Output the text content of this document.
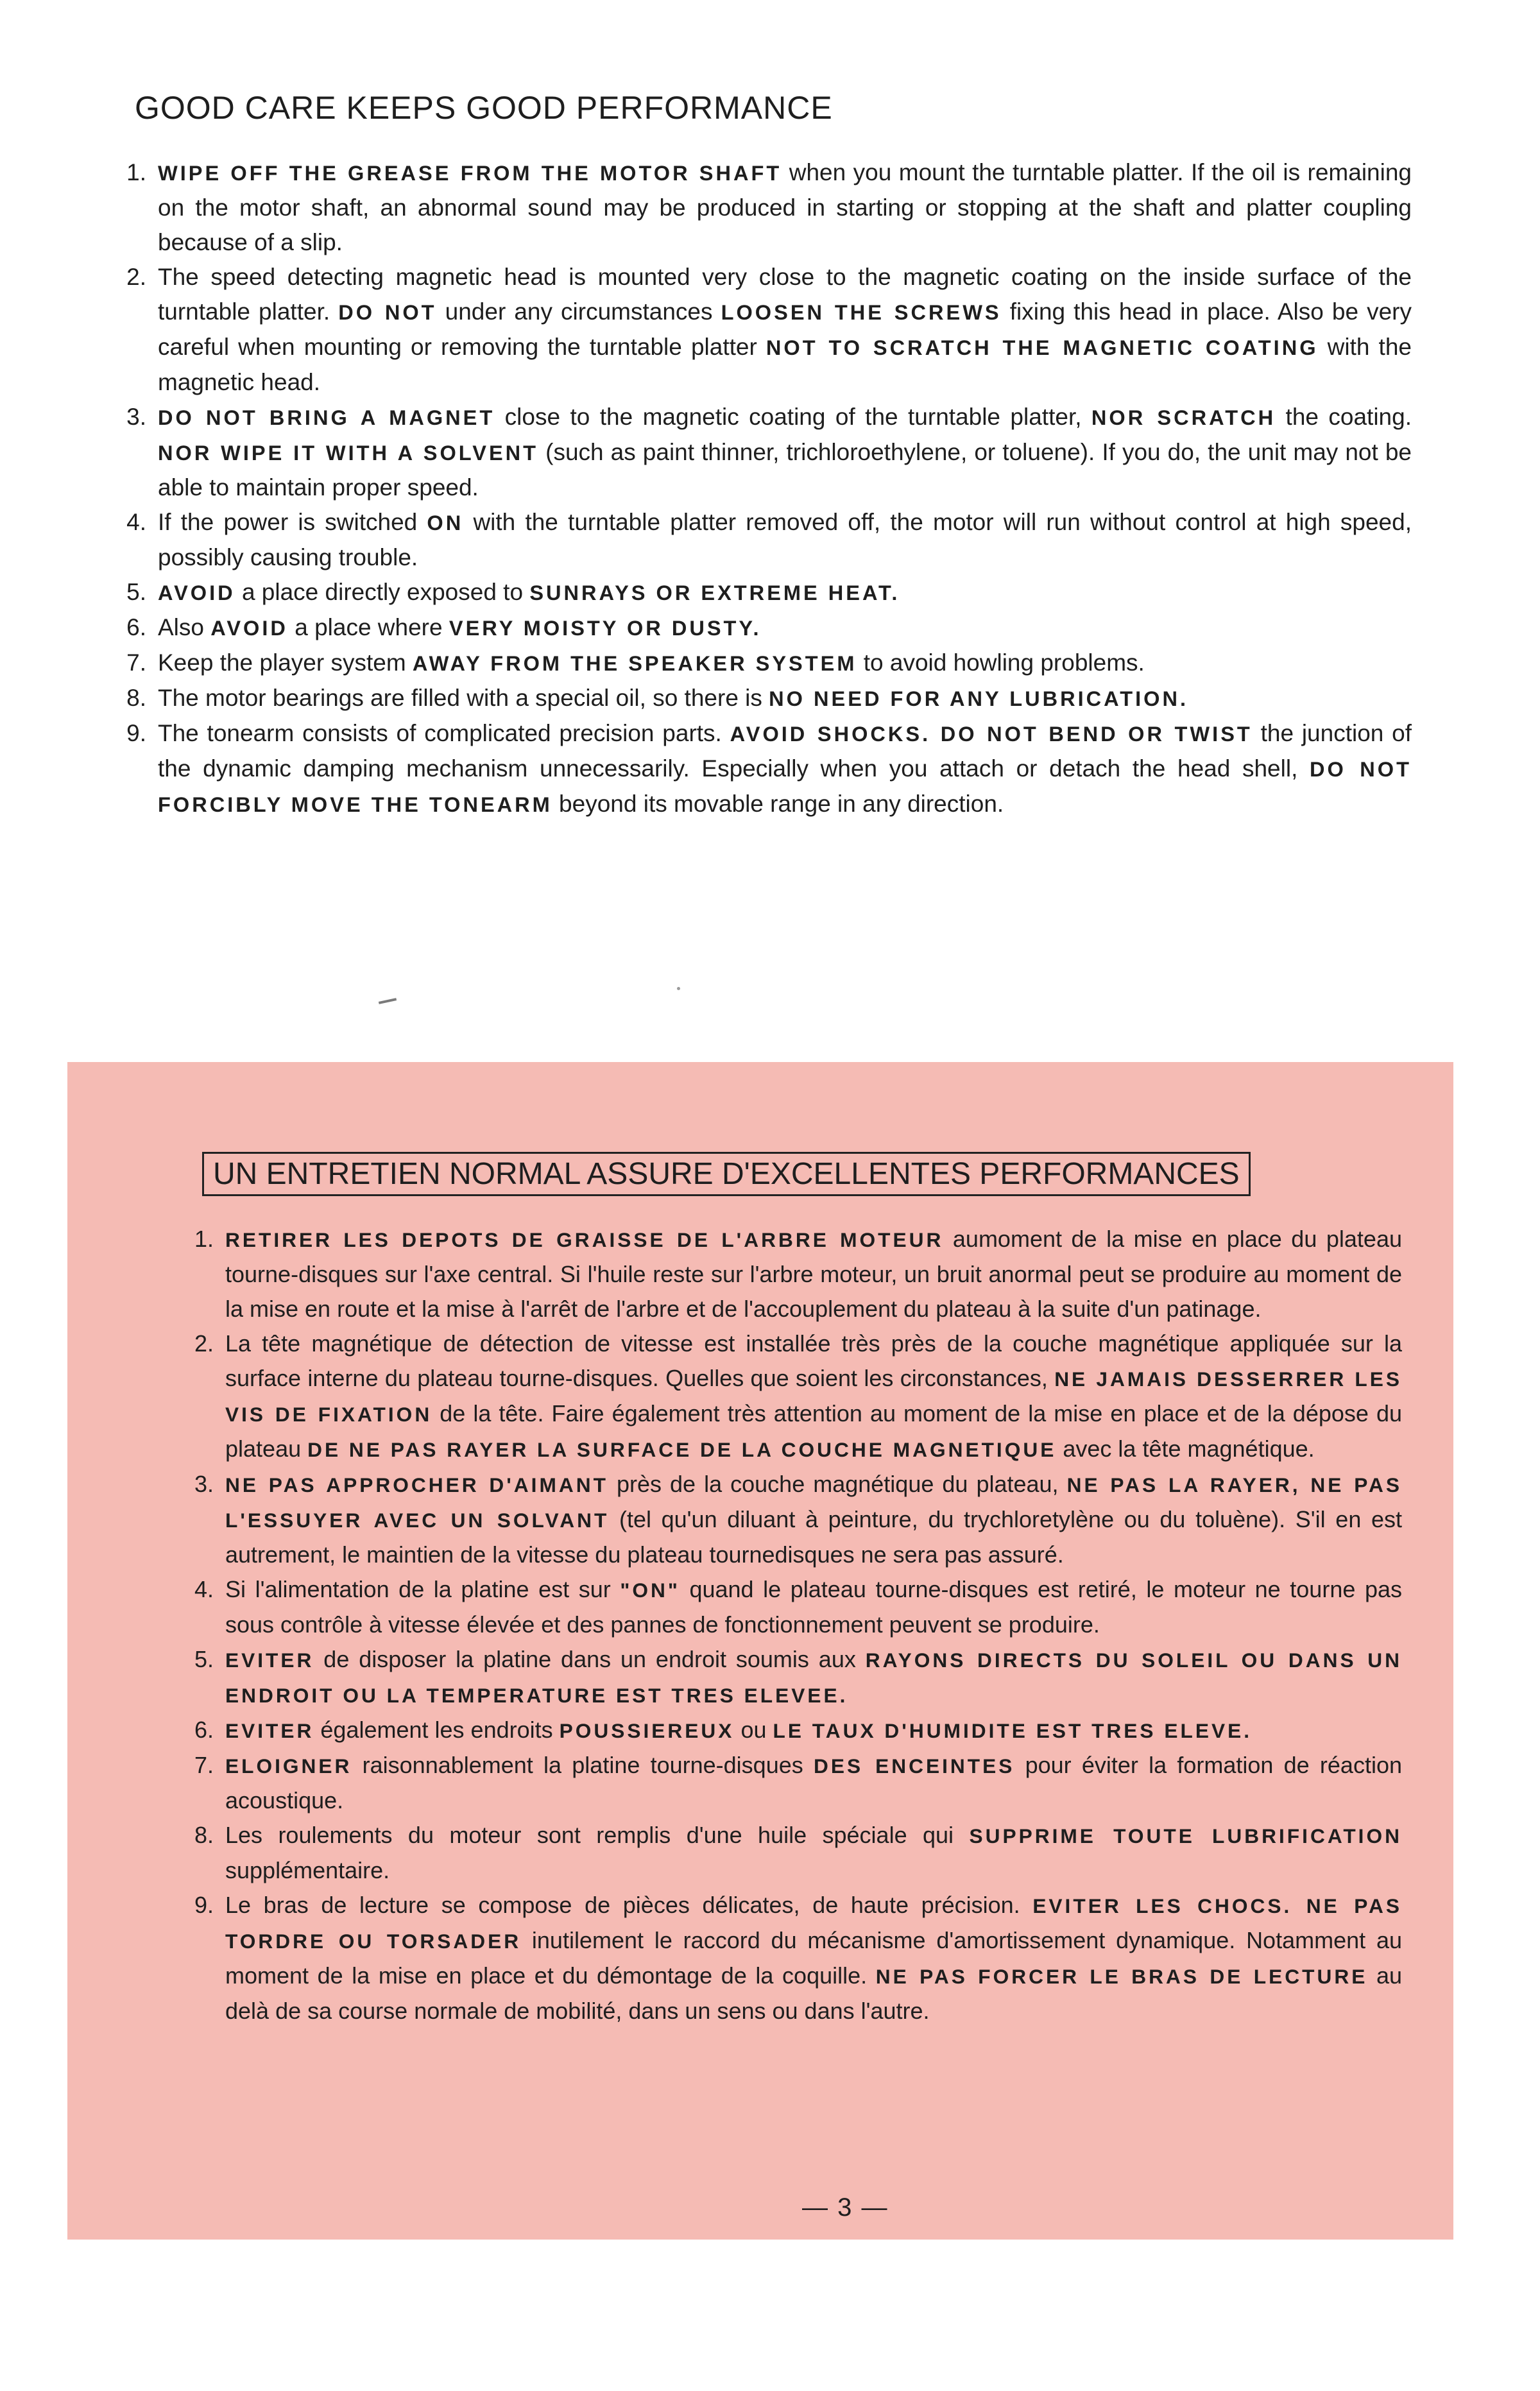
GOOD CARE KEEPS GOOD PERFORMANCE
1. WIPE OFF THE GREASE FROM THE MOTOR SHAFT when you mount the turntable platter. If the oil is remaining on the motor shaft, an abnormal sound may be produced in starting or stopping at the shaft and platter coupling because of a slip.
2. The speed detecting magnetic head is mounted very close to the magnetic coating on the inside surface of the turntable platter. DO NOT under any circumstances LOOSEN THE SCREWS fixing this head in place. Also be very careful when mounting or removing the turntable platter NOT TO SCRATCH THE MAGNETIC COATING with the magnetic head.
3. DO NOT BRING A MAGNET close to the magnetic coating of the turntable platter, NOR SCRATCH the coating. NOR WIPE IT WITH A SOLVENT (such as paint thinner, trichloroethylene, or toluene). If you do, the unit may not be able to maintain proper speed.
4. If the power is switched ON with the turntable platter removed off, the motor will run without control at high speed, possibly causing trouble.
5. AVOID a place directly exposed to SUNRAYS OR EXTREME HEAT.
6. Also AVOID a place where VERY MOISTY OR DUSTY.
7. Keep the player system AWAY FROM THE SPEAKER SYSTEM to avoid howling problems.
8. The motor bearings are filled with a special oil, so there is NO NEED FOR ANY LUBRICATION.
9. The tonearm consists of complicated precision parts. AVOID SHOCKS. DO NOT BEND OR TWIST the junction of the dynamic damping mechanism unnecessarily. Especially when you attach or detach the head shell, DO NOT FORCIBLY MOVE THE TONEARM beyond its movable range in any direction.
UN ENTRETIEN NORMAL ASSURE D'EXCELLENTES PERFORMANCES
1. RETIRER LES DEPOTS DE GRAISSE DE L'ARBRE MOTEUR aumoment de la mise en place du plateau tourne-disques sur l'axe central. Si l'huile reste sur l'arbre moteur, un bruit anormal peut se produire au moment de la mise en route et la mise à l'arrêt de l'arbre et de l'accouplement du plateau à la suite d'un patinage.
2. La tête magnétique de détection de vitesse est installée très près de la couche magnétique appliquée sur la surface interne du plateau tourne-disques. Quelles que soient les circonstances, NE JAMAIS DESSERRER LES VIS DE FIXATION de la tête. Faire également très attention au moment de la mise en place et de la dépose du plateau DE NE PAS RAYER LA SURFACE DE LA COUCHE MAGNETIQUE avec la tête magnétique.
3. NE PAS APPROCHER D'AIMANT près de la couche magnétique du plateau, NE PAS LA RAYER, NE PAS L'ESSUYER AVEC UN SOLVANT (tel qu'un diluant à peinture, du trychloretylène ou du toluène). S'il en est autrement, le maintien de la vitesse du plateau tournedisques ne sera pas assuré.
4. Si l'alimentation de la platine est sur "ON" quand le plateau tourne-disques est retiré, le moteur ne tourne pas sous contrôle à vitesse élevée et des pannes de fonctionnement peuvent se produire.
5. EVITER de disposer la platine dans un endroit soumis aux RAYONS DIRECTS DU SOLEIL OU DANS UN ENDROIT OU LA TEMPERATURE EST TRES ELEVEE.
6. EVITER également les endroits POUSSIEREUX ou LE TAUX D'HUMIDITE EST TRES ELEVE.
7. ELOIGNER raisonnablement la platine tourne-disques DES ENCEINTES pour éviter la formation de réaction acoustique.
8. Les roulements du moteur sont remplis d'une huile spéciale qui SUPPRIME TOUTE LUBRIFICATION supplémentaire.
9. Le bras de lecture se compose de pièces délicates, de haute précision. EVITER LES CHOCS. NE PAS TORDRE OU TORSADER inutilement le raccord du mécanisme d'amortissement dynamique. Notamment au moment de la mise en place et du démontage de la coquille. NE PAS FORCER LE BRAS DE LECTURE au delà de sa course normale de mobilité, dans un sens ou dans l'autre.
— 3 —
